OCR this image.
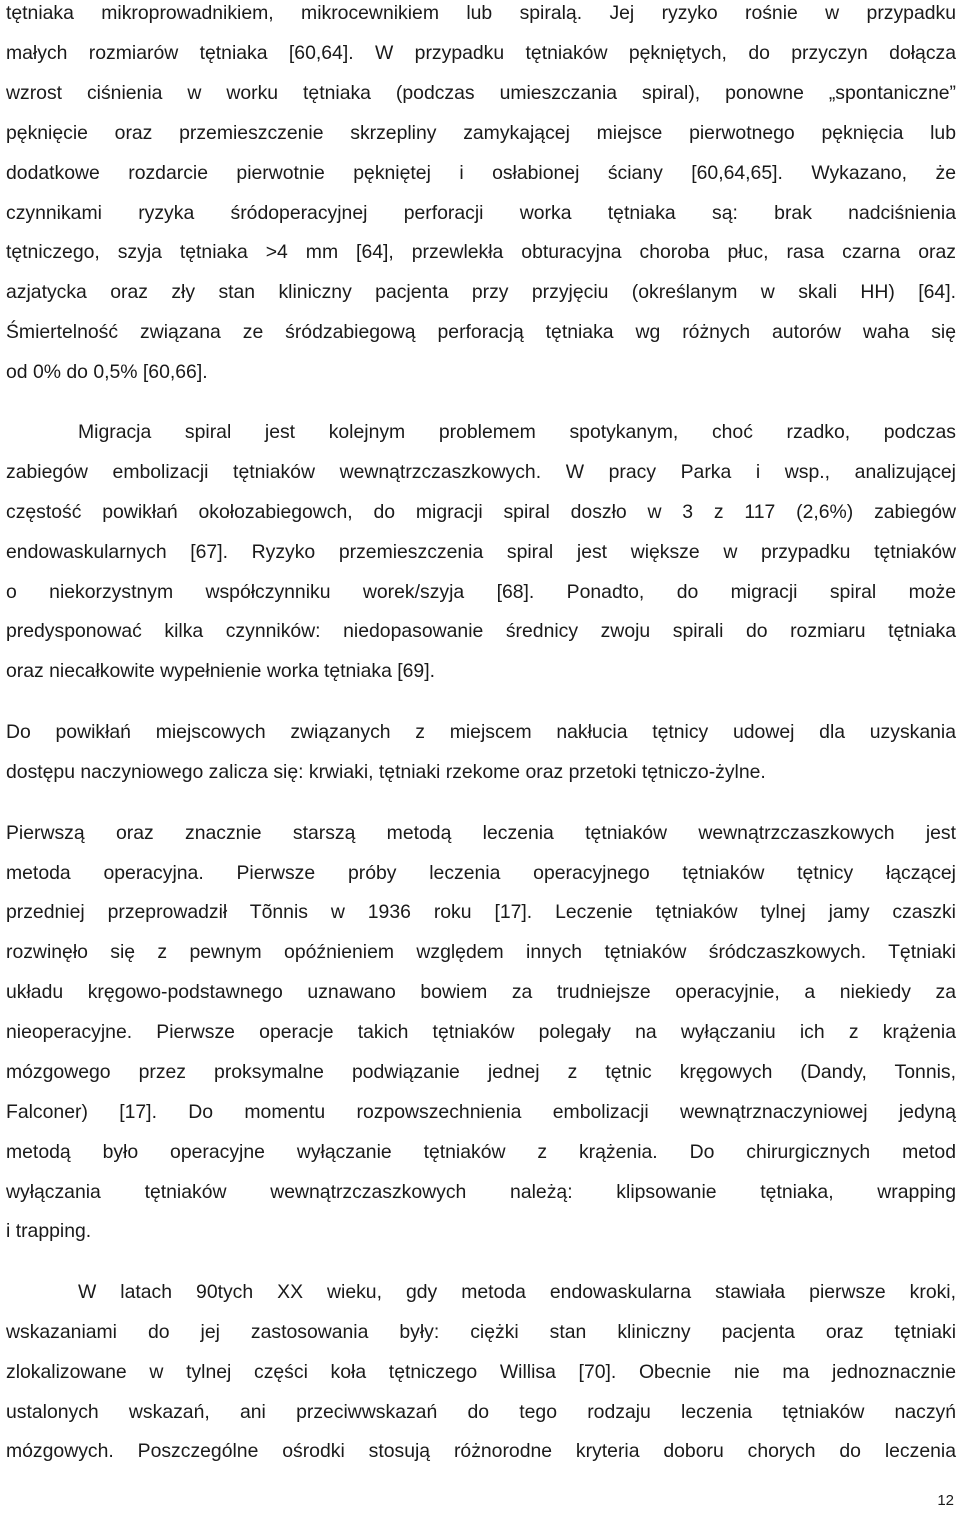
tętniaka mikroprowadnikiem, mikrocewnikiem lub spiralą. Jej ryzyko rośnie w przypadku
małych rozmiarów tętniaka [60,64]. W przypadku tętniaków pękniętych, do przyczyn dołącza
wzrost ciśnienia w worku tętniaka (podczas umieszczania spiral), ponowne „spontaniczne”
pęknięcie oraz przemieszczenie skrzepliny zamykającej miejsce pierwotnego pęknięcia lub
dodatkowe rozdarcie pierwotnie pękniętej i osłabionej ściany [60,64,65]. Wykazano, że
czynnikami ryzyka śródoperacyjnej perforacji worka tętniaka są: brak nadciśnienia
tętniczego, szyja tętniaka >4 mm [64], przewlekła obturacyjna choroba płuc, rasa czarna oraz
azjatycka oraz zły stan kliniczny pacjenta przy przyjęciu (określanym w skali HH) [64].
Śmiertelność związana ze śródzabiegową perforacją tętniaka wg różnych autorów waha się
od 0% do 0,5% [60,66].
Migracja spiral jest kolejnym problemem spotykanym, choć rzadko, podczas
zabiegów embolizacji tętniaków wewnątrzczaszkowych. W pracy Parka i wsp., analizującej
częstość powikłań okołozabiegowch, do migracji spiral doszło w 3 z 117 (2,6%) zabiegów
endowaskularnych [67]. Ryzyko przemieszczenia spiral jest większe w przypadku tętniaków
o niekorzystnym współczynniku worek/szyja [68]. Ponadto, do migracji spiral może
predysponować kilka czynników: niedopasowanie średnicy zwoju spirali do rozmiaru tętniaka
oraz niecałkowite wypełnienie worka tętniaka [69].
Do powikłań miejscowych związanych z miejscem nakłucia tętnicy udowej dla uzyskania
dostępu naczyniowego zalicza się: krwiaki, tętniaki rzekome oraz przetoki tętniczo-żylne.
Pierwszą oraz znacznie starszą metodą leczenia tętniaków wewnątrzczaszkowych jest
metoda operacyjna. Pierwsze próby leczenia operacyjnego tętniaków tętnicy łączącej
przedniej przeprowadził Tõnnis w 1936 roku [17]. Leczenie tętniaków tylnej jamy czaszki
rozwinęło się z pewnym opóźnieniem względem innych tętniaków śródczaszkowych. Tętniaki
układu kręgowo-podstawnego uznawano bowiem za trudniejsze operacyjnie, a niekiedy za
nieoperacyjne. Pierwsze operacje takich tętniaków polegały na wyłączaniu ich z krążenia
mózgowego przez proksymalne podwiązanie jednej z tętnic kręgowych (Dandy, Tonnis,
Falconer) [17]. Do momentu rozpowszechnienia embolizacji wewnątrznaczyniowej jedyną
metodą było operacyjne wyłączanie tętniaków z krążenia. Do chirurgicznych metod
wyłączania tętniaków wewnątrzczaszkowych należą: klipsowanie tętniaka, wrapping
i trapping.
W latach 90tych XX wieku, gdy metoda endowaskularna stawiała pierwsze kroki,
wskazaniami do jej zastosowania były: ciężki stan kliniczny pacjenta oraz tętniaki
zlokalizowane w tylnej części koła tętniczego Willisa [70]. Obecnie nie ma jednoznacznie
ustalonych wskazań, ani przeciwwskazań do tego rodzaju leczenia tętniaków naczyń
mózgowych. Poszczególne ośrodki stosują różnorodne kryteria doboru chorych do leczenia
12
